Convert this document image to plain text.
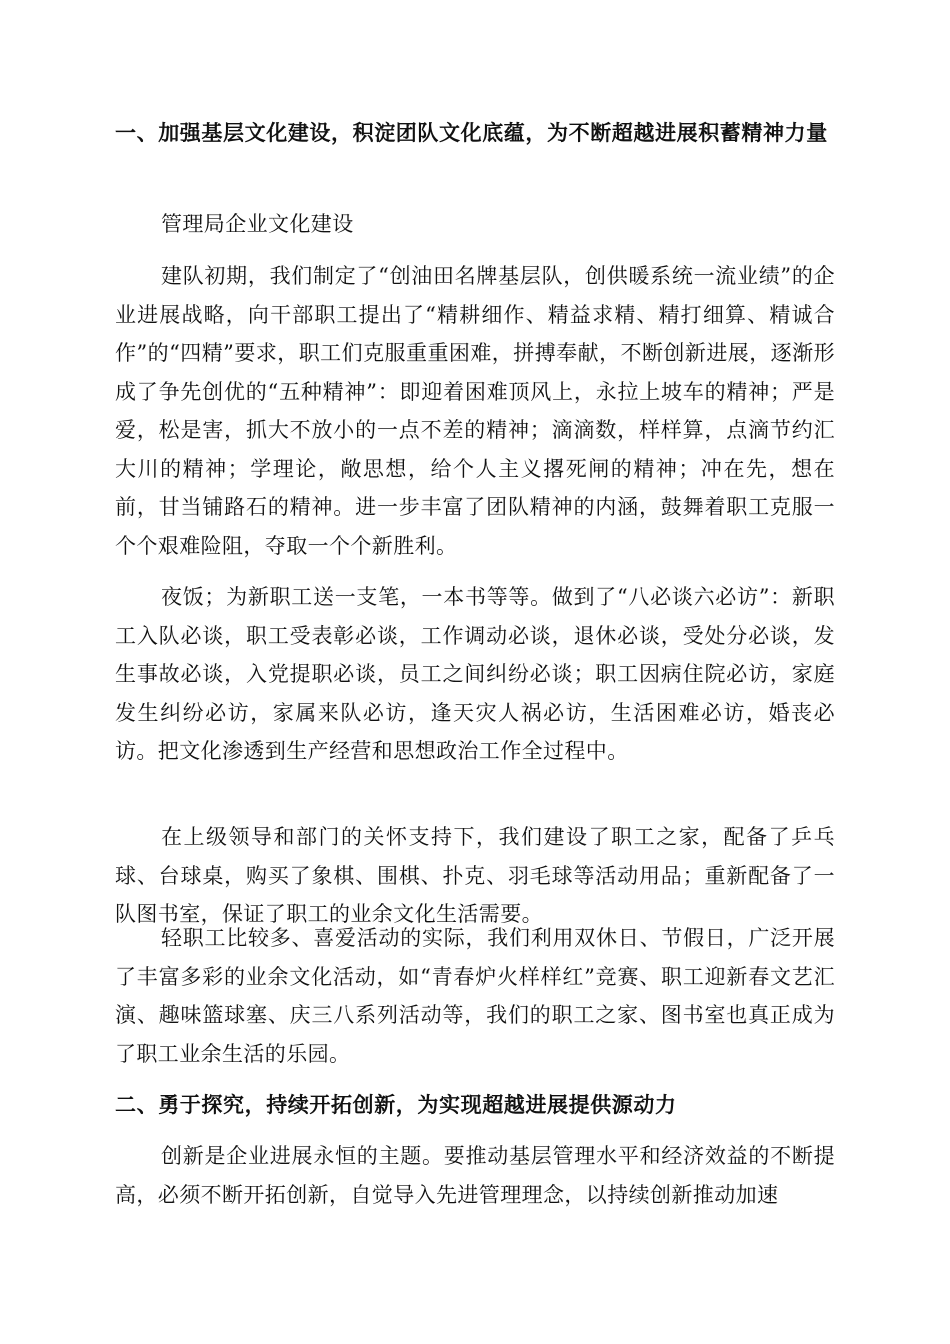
一、加强基层文化建设，积淀团队文化底蕴，为不断超越进展积蓄精神力量

管理局企业文化建设

建队初期，我们制定了“创油田名牌基层队，创供暖系统一流业绩”的企业进展战略，向干部职工提出了“精耕细作、精益求精、精打细算、精诚合作”的“四精”要求，职工们克服重重困难，拼搏奉献，不断创新进展，逐渐形成了争先创优的“五种精神”：即迎着困难顶风上，永拉上坡车的精神；严是爱，松是害，抓大不放小的一点不差的精神；滴滴数，样样算，点滴节约汇大川的精神；学理论，敞思想，给个人主义撂死闸的精神；冲在先，想在前，甘当铺路石的精神。进一步丰富了团队精神的内涵，鼓舞着职工克服一个个艰难险阻，夺取一个个新胜利。

夜饭；为新职工送一支笔，一本书等等。做到了“八必谈六必访”：新职工入队必谈，职工受表彰必谈，工作调动必谈，退休必谈，受处分必谈，发生事故必谈，入党提职必谈，员工之间纠纷必谈；职工因病住院必访，家庭发生纠纷必访，家属来队必访，逢天灾人祸必访，生活困难必访，婚丧必访。把文化渗透到生产经营和思想政治工作全过程中。

在上级领导和部门的关怀支持下，我们建设了职工之家，配备了乒乓球、台球桌，购买了象棋、围棋、扑克、羽毛球等活动用品；重新配备了一队图书室，保证了职工的业余文化生活需要。

轻职工比较多、喜爱活动的实际，我们利用双休日、节假日，广泛开展了丰富多彩的业余文化活动，如“青春炉火样样红”竞赛、职工迎新春文艺汇演、趣味篮球塞、庆三八系列活动等，我们的职工之家、图书室也真正成为了职工业余生活的乐园。

二、勇于探究，持续开拓创新，为实现超越进展提供源动力

创新是企业进展永恒的主题。要推动基层管理水平和经济效益的不断提高，必须不断开拓创新，自觉导入先进管理理念，以持续创新推动加速
